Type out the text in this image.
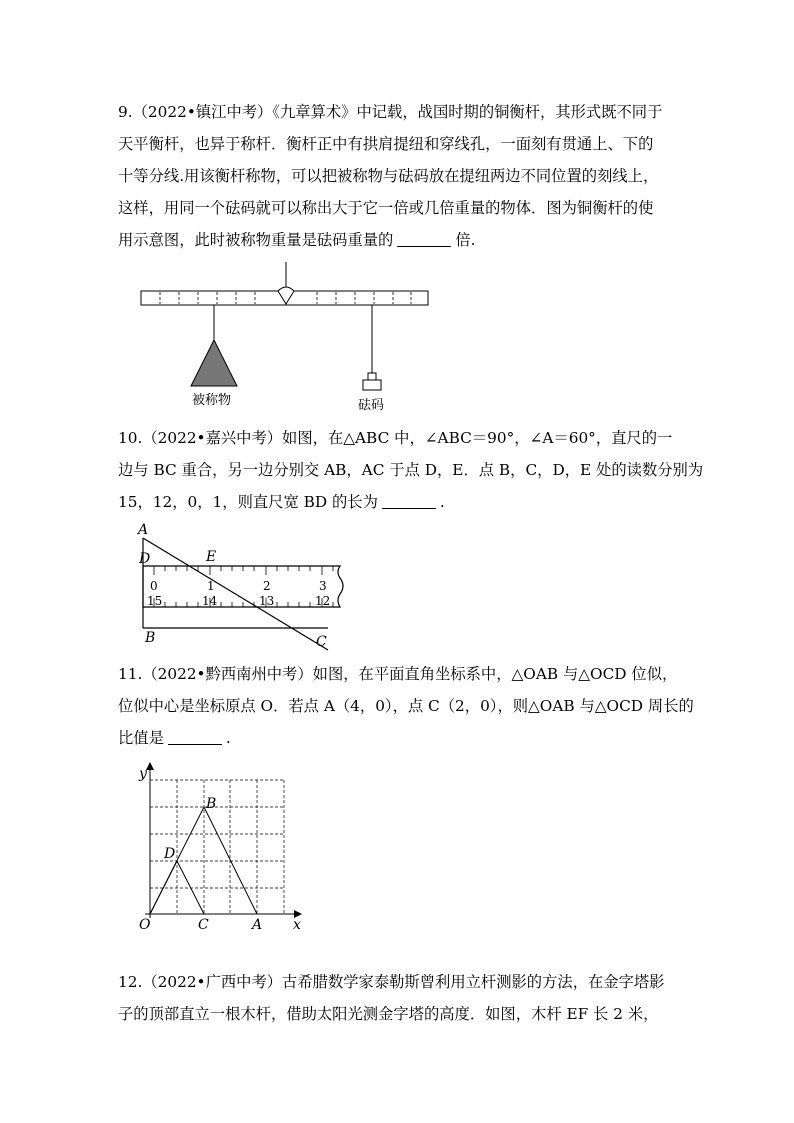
9.（2022•镇江中考）《九章算术》中记载，战国时期的铜衡杆，其形式既不同于
天平衡杆，也异于称杆．衡杆正中有拱肩提纽和穿线孔，一面刻有贯通上、下的
十等分线.用该衡杆称物，可以把被称物与砝码放在提纽两边不同位置的刻线上，
这样，用同一个砝码就可以称出大于它一倍或几倍重量的物体．图为铜衡杆的使
用示意图，此时被称物重量是砝码重量的	倍.
被称物	砝码
10.（2022•嘉兴中考）如图，在△ABC 中，∠ABC＝90°，∠A＝60°，直尺的一
边与 BC 重合，另一边分别交 AB，AC 于点 D，E．点 B，C，D，E 处的读数分别为
15，12，0，1，则直尺宽 BD 的长为	.
0	1	2	3
15	14	13	12
A
D	E
B	C
11.（2022•黔西南州中考）如图，在平面直角坐标系中，△OAB 与△OCD 位似，
位似中心是坐标原点 O．若点 A（4，0），点 C（2，0），则△OAB 与△OCD 周长的
比值是	.
y
x
O	C	A
B
D
12.（2022•广西中考）古希腊数学家泰勒斯曾利用立杆测影的方法，在金字塔影
子的顶部直立一根木杆，借助太阳光测金字塔的高度．如图，木杆 EF 长 2 米，
